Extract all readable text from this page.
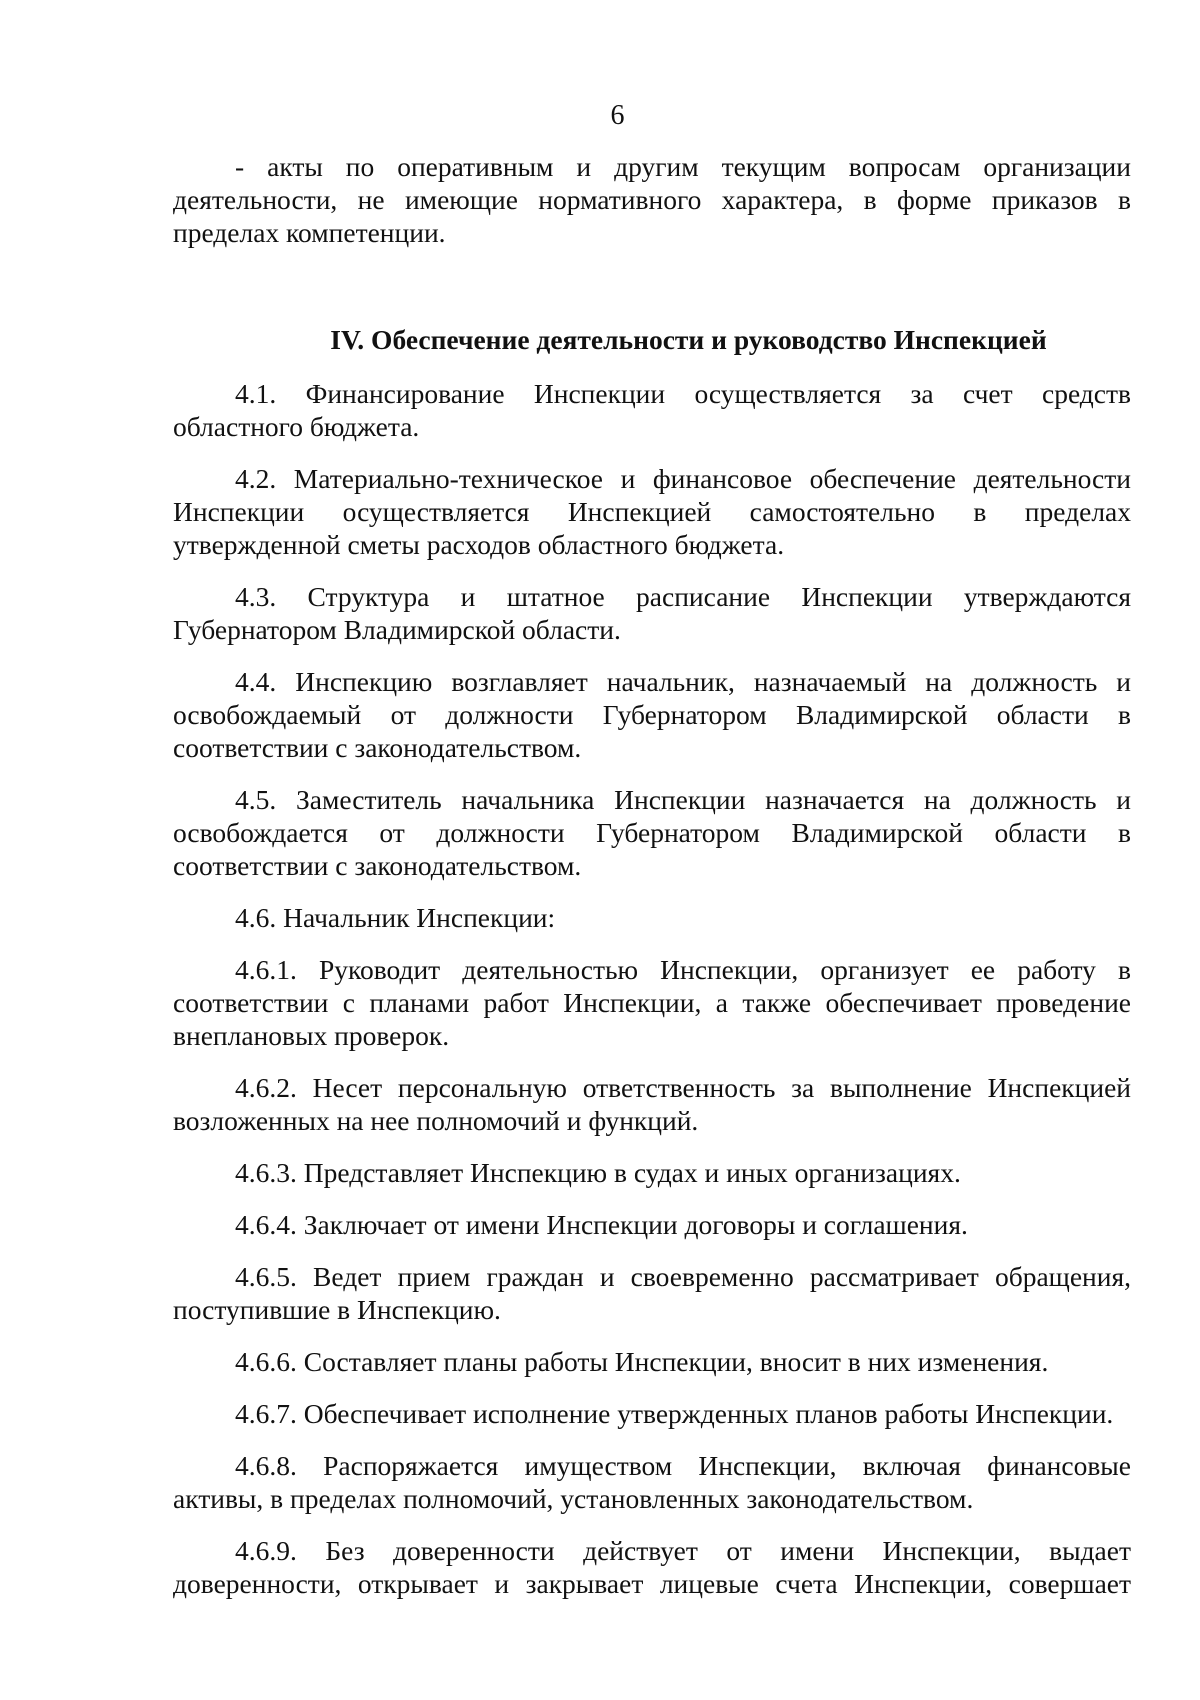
6

- акты по оперативным и другим текущим вопросам организации деятельности, не имеющие нормативного характера, в форме приказов в пределах компетенции.

IV. Обеспечение деятельности и руководство Инспекцией

4.1. Финансирование Инспекции осуществляется за счет средств областного бюджета.

4.2. Материально-техническое и финансовое обеспечение деятельности Инспекции осуществляется Инспекцией самостоятельно в пределах утвержденной сметы расходов областного бюджета.

4.3. Структура и штатное расписание Инспекции утверждаются Губернатором Владимирской области.

4.4. Инспекцию возглавляет начальник, назначаемый на должность и освобождаемый от должности Губернатором Владимирской области в соответствии с законодательством.

4.5. Заместитель начальника Инспекции назначается на должность и освобождается от должности Губернатором Владимирской области в соответствии с законодательством.

4.6. Начальник Инспекции:

4.6.1. Руководит деятельностью Инспекции, организует ее работу в соответствии с планами работ Инспекции, а также обеспечивает проведение внеплановых проверок.

4.6.2. Несет персональную ответственность за выполнение Инспекцией возложенных на нее полномочий и функций.

4.6.3. Представляет Инспекцию в судах и иных организациях.

4.6.4. Заключает от имени Инспекции договоры и соглашения.

4.6.5. Ведет прием граждан и своевременно рассматривает обращения, поступившие в Инспекцию.

4.6.6. Составляет планы работы Инспекции, вносит в них изменения.

4.6.7. Обеспечивает исполнение утвержденных планов работы Инспекции.

4.6.8. Распоряжается имуществом Инспекции, включая финансовые активы, в пределах полномочий, установленных законодательством.

4.6.9. Без доверенности действует от имени Инспекции, выдает доверенности, открывает и закрывает лицевые счета Инспекции, совершает
